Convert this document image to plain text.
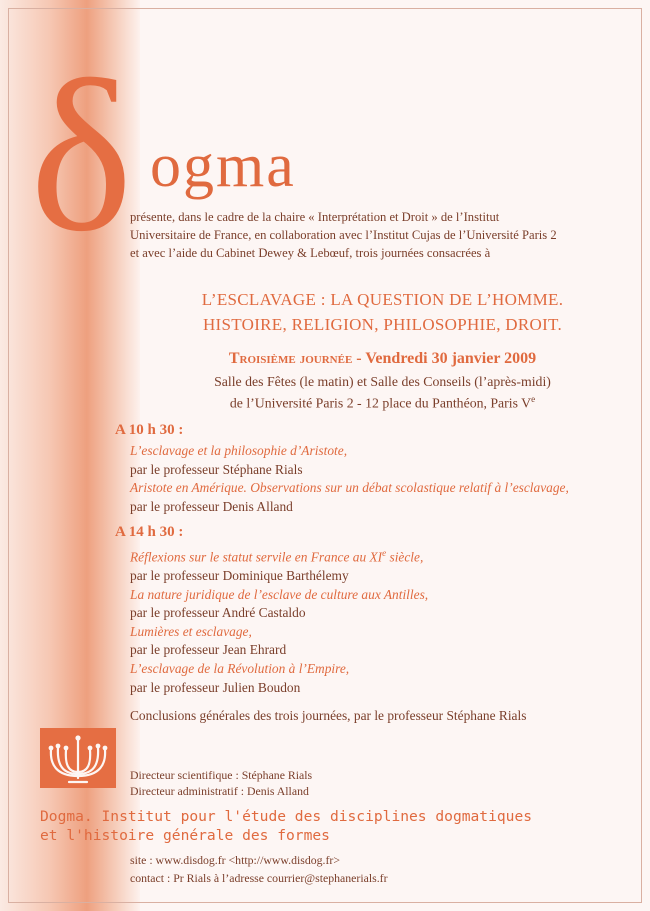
δ ogma
présente, dans le cadre de la chaire « Interprétation et Droit » de l’Institut
Universitaire de France, en collaboration avec l’Institut Cujas de l’Université Paris 2
et avec l’aide du Cabinet Dewey & Lebœuf, trois journées consacrées à
L’ESCLAVAGE : LA QUESTION DE L’HOMME.
HISTOIRE, RELIGION, PHILOSOPHIE, DROIT.
Troisième journée - Vendredi 30 janvier 2009
Salle des Fêtes (le matin) et Salle des Conseils (l’après-midi)
de l’Université Paris 2 - 12 place du Panthéon, Paris Ve
A 10 h 30 :
L’esclavage et la philosophie d’Aristote,
par le professeur Stéphane Rials
Aristote en Amérique. Observations sur un débat scolastique relatif à l’esclavage,
par le professeur Denis Alland
A 14 h 30 :
Réflexions sur le statut servile en France au XIe siècle,
par le professeur Dominique Barthélemy
La nature juridique de l’esclave de culture aux Antilles,
par le professeur André Castaldo
Lumières et esclavage,
par le professeur Jean Ehrard
L’esclavage de la Révolution à l’Empire,
par le professeur Julien Boudon
Conclusions générales des trois journées, par le professeur Stéphane Rials
Directeur scientifique : Stéphane Rials
Directeur administratif : Denis Alland
Dogma. Institut pour l'étude des disciplines dogmatiques
et l'histoire générale des formes
site : www.disdog.fr <http://www.disdog.fr>
contact : Pr Rials à l’adresse courrier@stephanerials.fr
